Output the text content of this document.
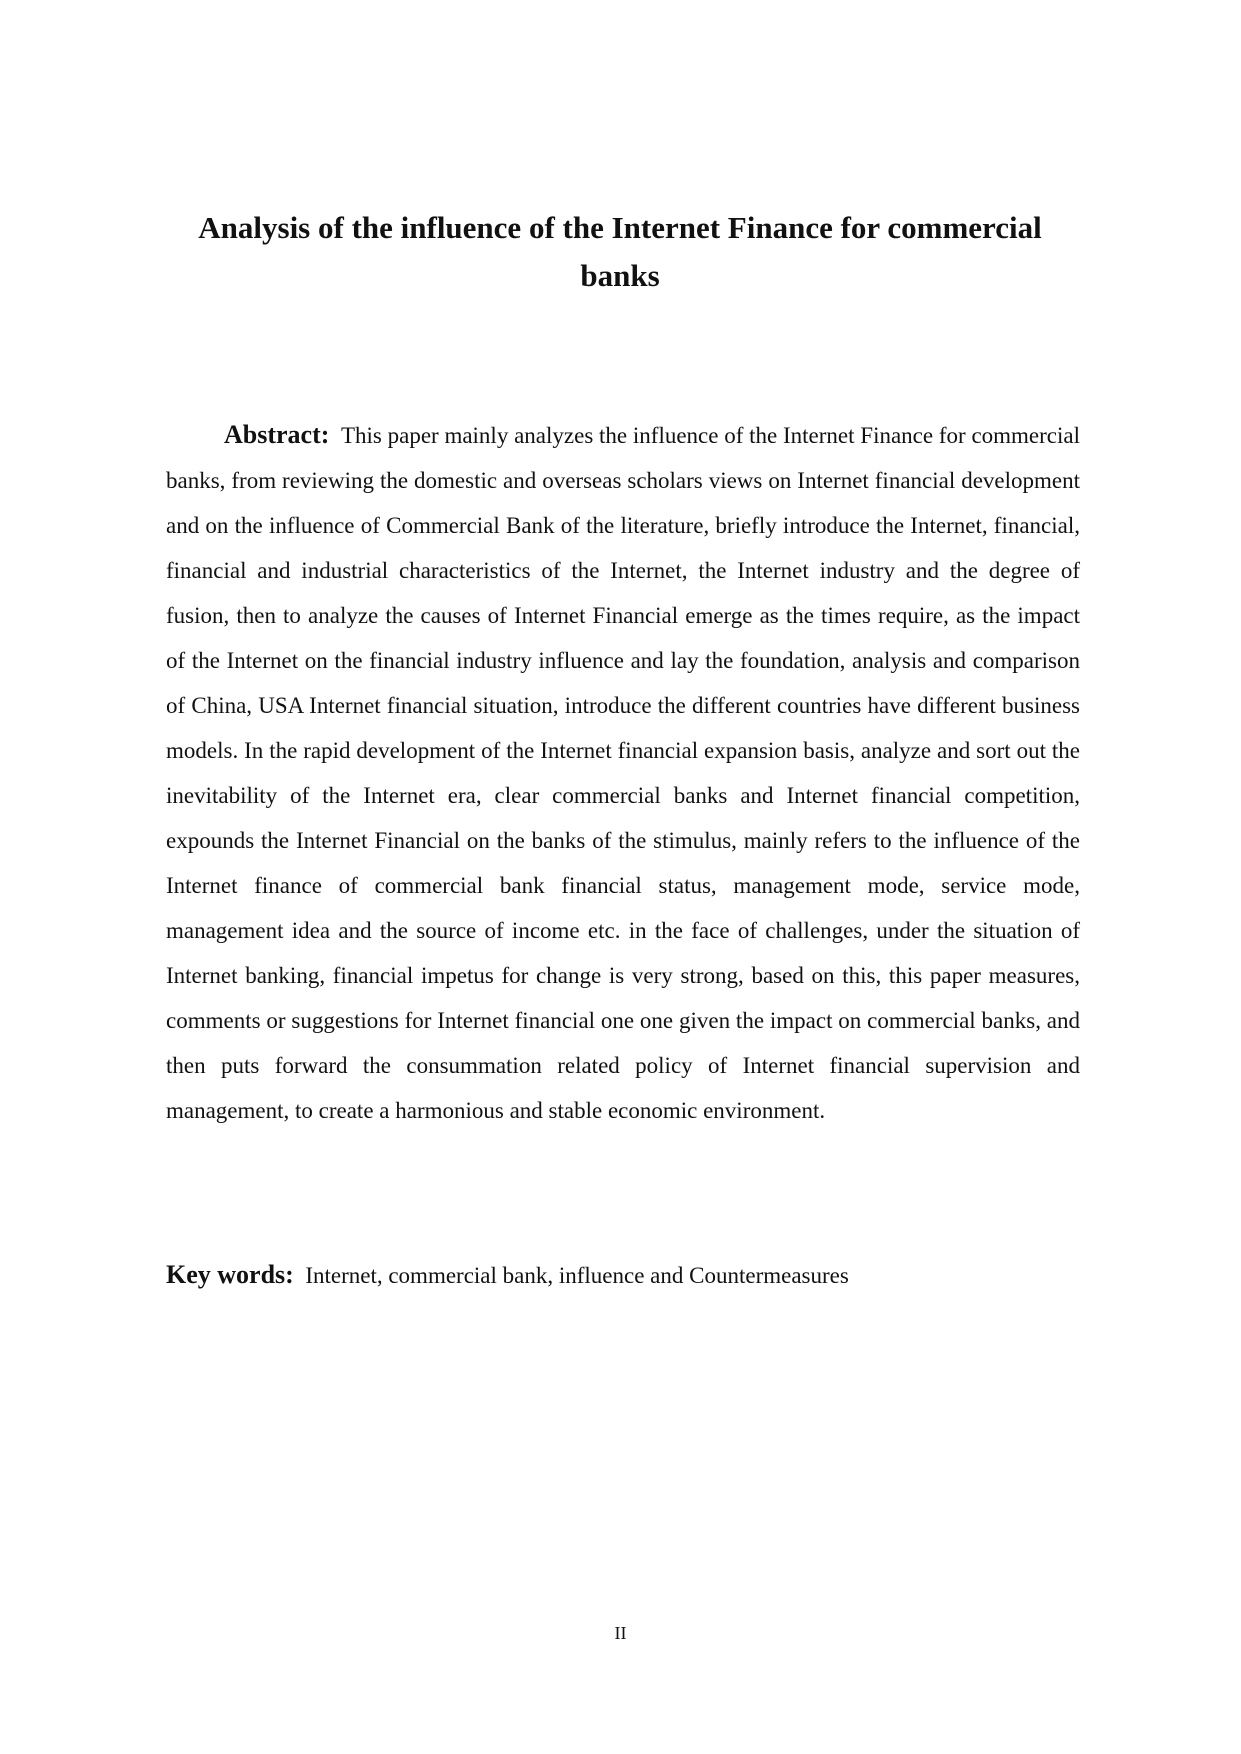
Analysis of the influence of the Internet Finance for commercial banks

Abstract: This paper mainly analyzes the influence of the Internet Finance for commercial banks, from reviewing the domestic and overseas scholars views on Internet financial development and on the influence of Commercial Bank of the literature, briefly introduce the Internet, financial, financial and industrial characteristics of the Internet, the Internet industry and the degree of fusion, then to analyze the causes of Internet Financial emerge as the times require, as the impact of the Internet on the financial industry influence and lay the foundation, analysis and comparison of China, USA Internet financial situation, introduce the different countries have different business models. In the rapid development of the Internet financial expansion basis, analyze and sort out the inevitability of the Internet era, clear commercial banks and Internet financial competition, expounds the Internet Financial on the banks of the stimulus, mainly refers to the influence of the Internet finance of commercial bank financial status, management mode, service mode, management idea and the source of income etc. in the face of challenges, under the situation of Internet banking, financial impetus for change is very strong, based on this, this paper measures, comments or suggestions for Internet financial one one given the impact on commercial banks, and then puts forward the consummation related policy of Internet financial supervision and management, to create a harmonious and stable economic environment.

Key words: Internet, commercial bank, influence and Countermeasures

II
